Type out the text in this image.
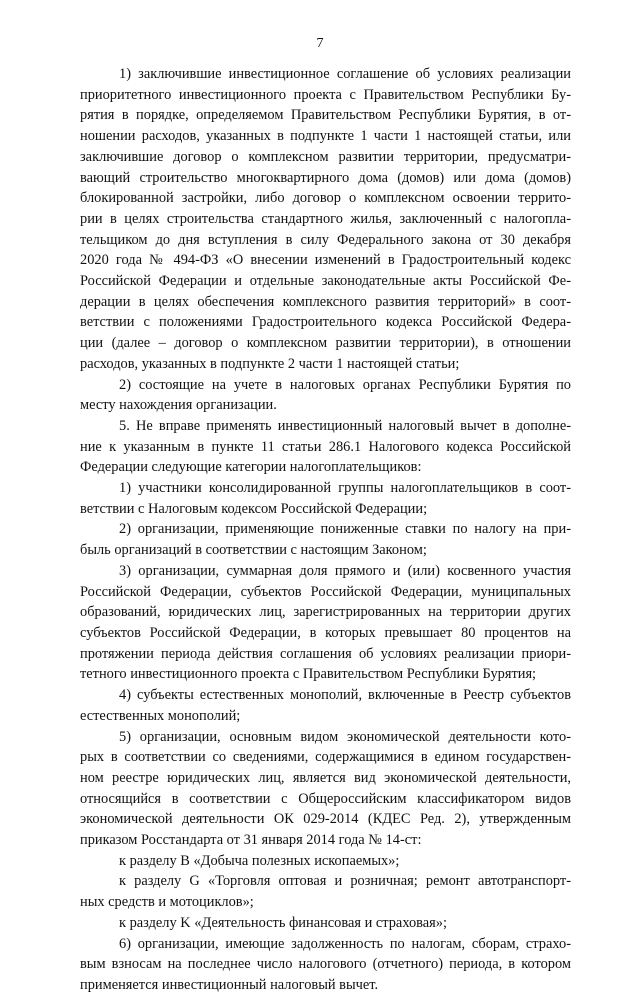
7

1) заключившие инвестиционное соглашение об условиях реализации
приоритетного инвестиционного проекта с Правительством Республики Бу-
рятия в порядке, определяемом Правительством Республики Бурятия, в от-
ношении расходов, указанных в подпункте 1 части 1 настоящей статьи, или
заключившие договор о комплексном развитии территории, предусматри-
вающий строительство многоквартирного дома (домов) или дома (домов)
блокированной застройки, либо договор о комплексном освоении террито-
рии в целях строительства стандартного жилья, заключенный с налогопла-
тельщиком до дня вступления в силу Федерального закона от 30 декабря
2020 года № 494-ФЗ «О внесении изменений в Градостроительный кодекс
Российской Федерации и отдельные законодательные акты Российской Фе-
дерации в целях обеспечения комплексного развития территорий» в соот-
ветствии с положениями Градостроительного кодекса Российской Федера-
ции (далее – договор о комплексном развитии территории), в отношении
расходов, указанных в подпункте 2 части 1 настоящей статьи;

2) состоящие на учете в налоговых органах Республики Бурятия по
месту нахождения организации.

5. Не вправе применять инвестиционный налоговый вычет в дополне-
ние к указанным в пункте 11 статьи 286.1 Налогового кодекса Российской
Федерации следующие категории налогоплательщиков:

1) участники консолидированной группы налогоплательщиков в соот-
ветствии с Налоговым кодексом Российской Федерации;

2) организации, применяющие пониженные ставки по налогу на при-
быль организаций в соответствии с настоящим Законом;

3) организации, суммарная доля прямого и (или) косвенного участия
Российской Федерации, субъектов Российской Федерации, муниципальных
образований, юридических лиц, зарегистрированных на территории других
субъектов Российской Федерации, в которых превышает 80 процентов на
протяжении периода действия соглашения об условиях реализации приори-
тетного инвестиционного проекта с Правительством Республики Бурятия;

4) субъекты естественных монополий, включенные в Реестр субъектов
естественных монополий;

5) организации, основным видом экономической деятельности кото-
рых в соответствии со сведениями, содержащимися в едином государствен-
ном реестре юридических лиц, является вид экономической деятельности,
относящийся в соответствии с Общероссийским классификатором видов
экономической деятельности ОК 029-2014 (КДЕС Ред. 2), утвержденным
приказом Росстандарта от 31 января 2014 года № 14-ст:

к разделу B «Добыча полезных ископаемых»;

к разделу G «Торговля оптовая и розничная; ремонт автотранспорт-
ных средств и мотоциклов»;

к разделу K «Деятельность финансовая и страховая»;

6) организации, имеющие задолженность по налогам, сборам, страхо-
вым взносам на последнее число налогового (отчетного) периода, в котором
применяется инвестиционный налоговый вычет.
